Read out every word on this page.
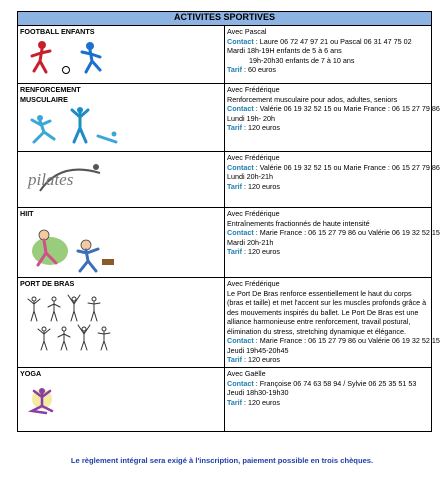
ACTIVITES SPORTIVES	

FOOTBALL ENFANTS	Avec Pascal
Contact : Laure 06 72 47 97 21 ou Pascal 06 31 47 75 02
Mardi 18h-19H enfants de 5 à 6 ans
19h-20h30 enfants de 7 à 10 ans
Tarif : 60 euros

RENFORCEMENT
MUSCULAIRE	Avec Frédérique
Renforcement musculaire pour ados, adultes, seniors
Contact : Valérie 06 19 32 52 15 ou Marie France : 06 15 27 79 86
Lundi 19h- 20h
Tarif : 120 euros

pilates	Avec Frédérique
Contact : Valérie 06 19 32 52 15 ou Marie France : 06 15 27 79 86
Lundi 20h-21h
Tarif : 120 euros

HIIT	Avec Frédérique
Entraînements fractionnés de haute intensité
Contact : Marie France : 06 15 27 79 86 ou Valérie 06 19 32 52 15
Mardi 20h-21h
Tarif : 120 euros

PORT DE BRAS	Avec Frédérique
Le Port De Bras renforce essentiellement le haut du corps (bras et taille) et met l'accent sur les muscles profonds grâce à des mouvements inspirés du ballet. Le Port De Bras est une alliance harmonieuse entre renforcement, travail postural, élimination du stress, stretching dynamique et élégance.
Contact : Marie France : 06 15 27 79 86 ou Valérie 06 19 32 52 15
Jeudi 19h45-20h45
Tarif : 120 euros

YOGA	Avec Gaëlle
Contact : Françoise 06 74 63 58 94 / Sylvie 06 25 35 51 53
Jeudi 18h30-19h30
Tarif : 120 euros
Le règlement intégral sera exigé à l'inscription, paiement possible en trois chèques.
